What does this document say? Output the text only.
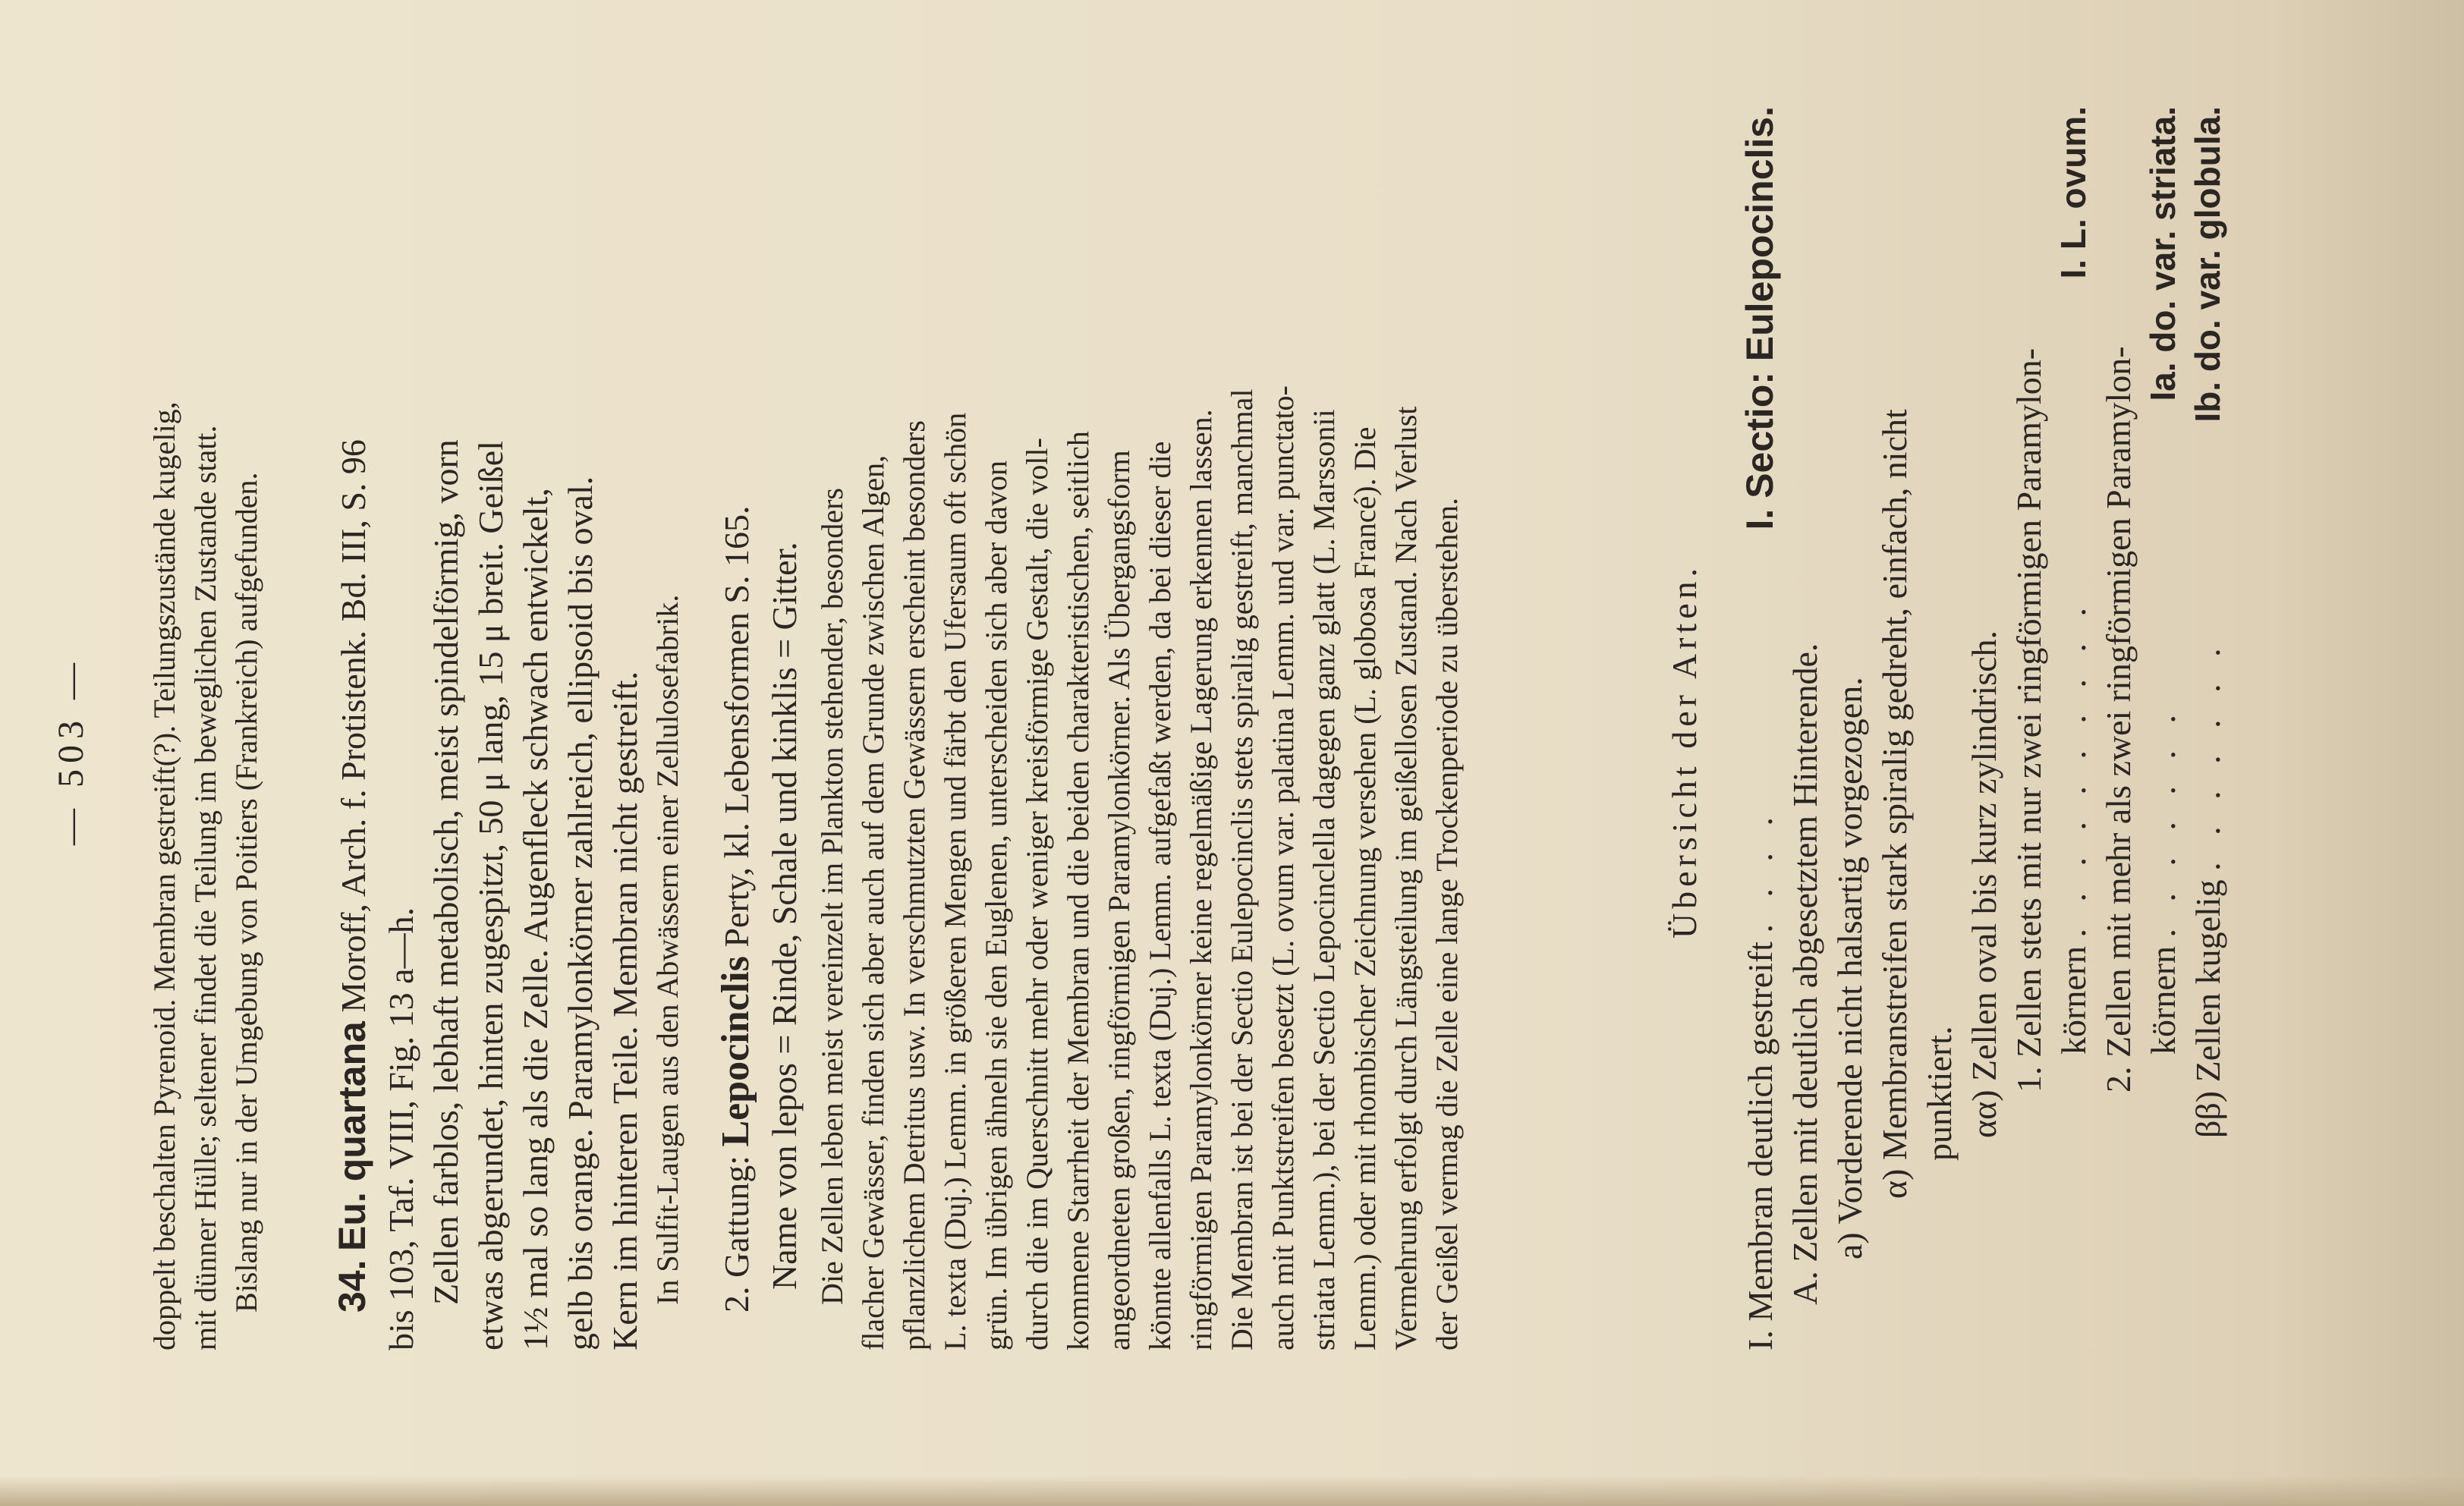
— 503 — doppelt beschalten Pyrenoid. Membran gestreift(?). Teilungszustände kugelig, mit dünner Hülle; seltener findet die Teilung im beweglichen Zustande statt. Bislang nur in der Umgebung von Poitiers (Frankreich) aufgefunden. 34. Eu. quartana Moroff, Arch. f. Protistenk. Bd. III, S. 96
bis 103, Taf. VIII, Fig. 13 a—h. Zellen farblos, lebhaft metabolisch, meist spindelförmig, vorn etwas abgerundet, hinten zugespitzt, 50 μ lang, 15 μ breit. Geißel 1½ mal so lang als die Zelle. Augenfleck schwach entwickelt, gelb bis orange. Paramylonkörner zahlreich, ellipsoid bis oval. Kern im hinteren Teile. Membran nicht gestreift. In Sulfit-Laugen aus den Abwässern einer Zellulosefabrik. 2. Gattung: Lepocinclis Perty, kl. Lebensformen S. 165. Name von lepos = Rinde, Schale und kinklis = Gitter. Die Zellen leben meist vereinzelt im Plankton stehender, besonders flacher Gewässer, finden sich aber auch auf dem Grunde zwischen Algen, pflanzlichem Detritus usw. In verschmutzten Gewässern erscheint besonders L. texta (Duj.) Lemm. in größeren Mengen und färbt den Ufersaum oft schön grün. Im übrigen ähneln sie den Euglenen, unterscheiden sich aber davon durch die im Querschnitt mehr oder weniger kreisförmige Gestalt, die voll- kommene Starrheit der Membran und die beiden charakteristischen, seitlich angeordneten großen, ringförmigen Paramylonkörner. Als Übergangsform könnte allenfalls L. texta (Duj.) Lemm. aufgefaßt werden, da bei dieser die ringförmigen Paramylonkörner keine regelmäßige Lagerung erkennen lassen. Die Membran ist bei der Sectio Eulepocinclis stets spiralig gestreift, manchmal auch mit Punktstreifen besetzt (L. ovum var. palatina Lemm. und var. punctato- striata Lemm.), bei der Sectio Lepocinclella dagegen ganz glatt (L. Marssonii Lemm.) oder mit rhombischer Zeichnung versehen (L. globosa Francé). Die Vermehrung erfolgt durch Längsteilung im geißellosen Zustand. Nach Verlust der Geißel vermag die Zelle eine lange Trockenperiode zu überstehen.	Übersicht der Arten.
I. Membran deutlich gestreift . . . .
I. Sectio: Eulepocinclis.
A. Zellen mit deutlich abgesetztem Hinterende. a) Vorderende nicht halsartig vorgezogen. α) Membranstreifen stark spiralig gedreht, einfach, nicht punktiert. αα) Zellen oval bis kurz zylindrisch. 1. Zellen stets mit nur zwei ringförmigen Paramylon- körnern . . . . . . . . . .
I. L. ovum.
2. Zellen mit mehr als zwei ringförmigen Paramylon- körnern . . . . . . .
Ia. do. var. striata.
ββ) Zellen kugelig . . . . . . .
Ib. do. var. globula.
